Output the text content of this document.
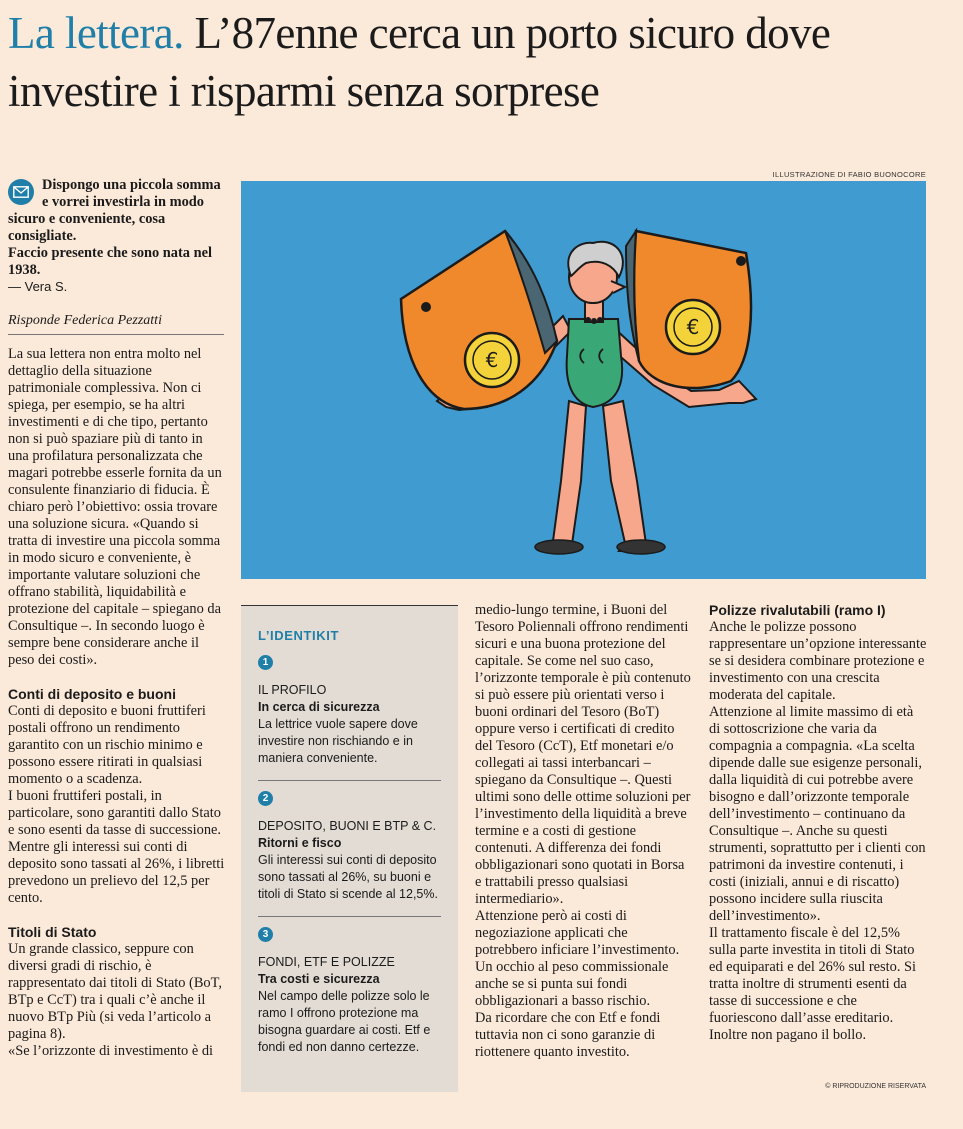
La lettera. L’87enne cerca un porto sicuro dove investire i risparmi senza sorprese

Dispongo una piccola somma e vorrei investirla in modo sicuro e conveniente, cosa consigliate.

Faccio presente che sono nata nel 1938.

— Vera S.
Risponde Federica Pezzatti

La sua lettera non entra molto nel dettaglio della situazione patrimoniale complessiva. Non ci spiega, per esempio, se ha altri investimenti e di che tipo, pertanto non si può spaziare più di tanto in una profilatura personalizzata che magari potrebbe esserle fornita da un consulente finanziario di fiducia. È chiaro però l’obiettivo: ossia trovare una soluzione sicura. «Quando si tratta di investire una piccola somma in modo sicuro e conveniente, è importante valutare soluzioni che offrano stabilità, liquidabilità e protezione del capitale – spiegano da Consultique –. In secondo luogo è sempre bene considerare anche il peso dei costi».

Conti di deposito e buoni

Conti di deposito e buoni fruttiferi postali offrono un rendimento garantito con un rischio minimo e possono essere ritirati in qualsiasi momento o a scadenza.

I buoni fruttiferi postali, in particolare, sono garantiti dallo Stato e sono esenti da tasse di successione. Mentre gli interessi sui conti di deposito sono tassati al 26%, i libretti prevedono un prelievo del 12,5 per cento.

Titoli di Stato

Un grande classico, seppure con diversi gradi di rischio, è rappresentato dai titoli di Stato (BoT, BTp e CcT) tra i quali c’è anche il nuovo BTp Più (si veda l’articolo a pagina 8).

«Se l’orizzonte di investimento è di

ILLUSTRAZIONE DI FABIO BUONOCORE
€
€

L’IDENTIKIT

1

IL PROFILO

In cerca di sicurezza

La lettrice vuole sapere dove investire non rischiando e in maniera conveniente.

2

DEPOSITO, BUONI E BTP & C.

Ritorni e fisco

Gli interessi sui conti di deposito sono tassati al 26%, su buoni e titoli di Stato si scende al 12,5%.

3

FONDI, ETF E POLIZZE

Tra costi e sicurezza

Nel campo delle polizze solo le ramo I offrono protezione ma bisogna guardare ai costi. Etf e fondi ed non danno certezze.

medio-lungo termine, i Buoni del Tesoro Poliennali offrono rendimenti sicuri e una buona protezione del capitale. Se come nel suo caso, l’orizzonte temporale è più contenuto si può essere più orientati verso i buoni ordinari del Tesoro (BoT) oppure verso i certificati di credito del Tesoro (CcT), Etf monetari e/o collegati ai tassi interbancari – spiegano da Consultique –. Questi ultimi sono delle ottime soluzioni per l’investimento della liquidità a breve termine e a costi di gestione contenuti. A differenza dei fondi obbligazionari sono quotati in Borsa e trattabili presso qualsiasi intermediario».

Attenzione però ai costi di negoziazione applicati che potrebbero inficiare l’investimento. Un occhio al peso commissionale anche se si punta sui fondi obbligazionari a basso rischio.

Da ricordare che con Etf e fondi tuttavia non ci sono garanzie di riottenere quanto investito.

Polizze rivalutabili (ramo I)

Anche le polizze possono rappresentare un’opzione interessante se si desidera combinare protezione e investimento con una crescita moderata del capitale.

Attenzione al limite massimo di età di sottoscrizione che varia da compagnia a compagnia. «La scelta dipende dalle sue esigenze personali, dalla liquidità di cui potrebbe avere bisogno e dall’orizzonte temporale dell’investimento – continuano da Consultique –. Anche su questi strumenti, soprattutto per i clienti con patrimoni da investire contenuti, i costi (iniziali, annui e di riscatto) possono incidere sulla riuscita dell’investimento».

Il trattamento fiscale è del 12,5% sulla parte investita in titoli di Stato ed equiparati e del 26% sul resto. Si tratta inoltre di strumenti esenti da tasse di successione e che fuoriescono dall’asse ereditario. Inoltre non pagano il bollo.

© RIPRODUZIONE RISERVATA
